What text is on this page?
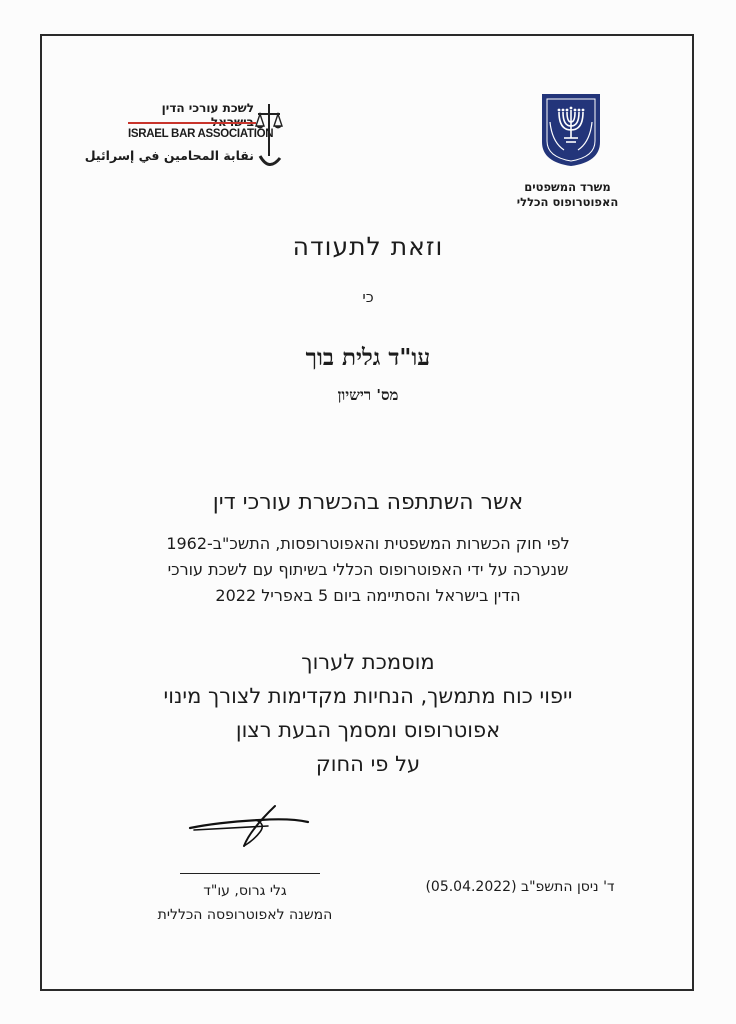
משרד המשפטים
האפוטרופוס הכללי
לשכת עורכי הדין
ISRAEL BAR ASSOCIATION
نقابة المحامين في إسرائيل
וזאת לתעודה
כי
עו"ד גלית בוך
מס' רישיון
אשר השתתפה בהכשרת עורכי דין
לפי חוק הכשרות המשפטית והאפוטרופסות, התשכ"ב-1962
שנערכה על ידי האפוטרופוס הכללי בשיתוף עם לשכת עורכי
הדין בישראל והסתיימה ביום 5 באפריל 2022
מוסמכת לערוך
ייפוי כוח מתמשך, הנחיות מקדימות לצורך מינוי
אפוטרופוס ומסמך הבעת רצון
על פי החוק
גלי גרוס, עו"ד
המשנה לאפוטרופסה הכללית
ד' ניסן התשפ"ב (05.04.2022)
